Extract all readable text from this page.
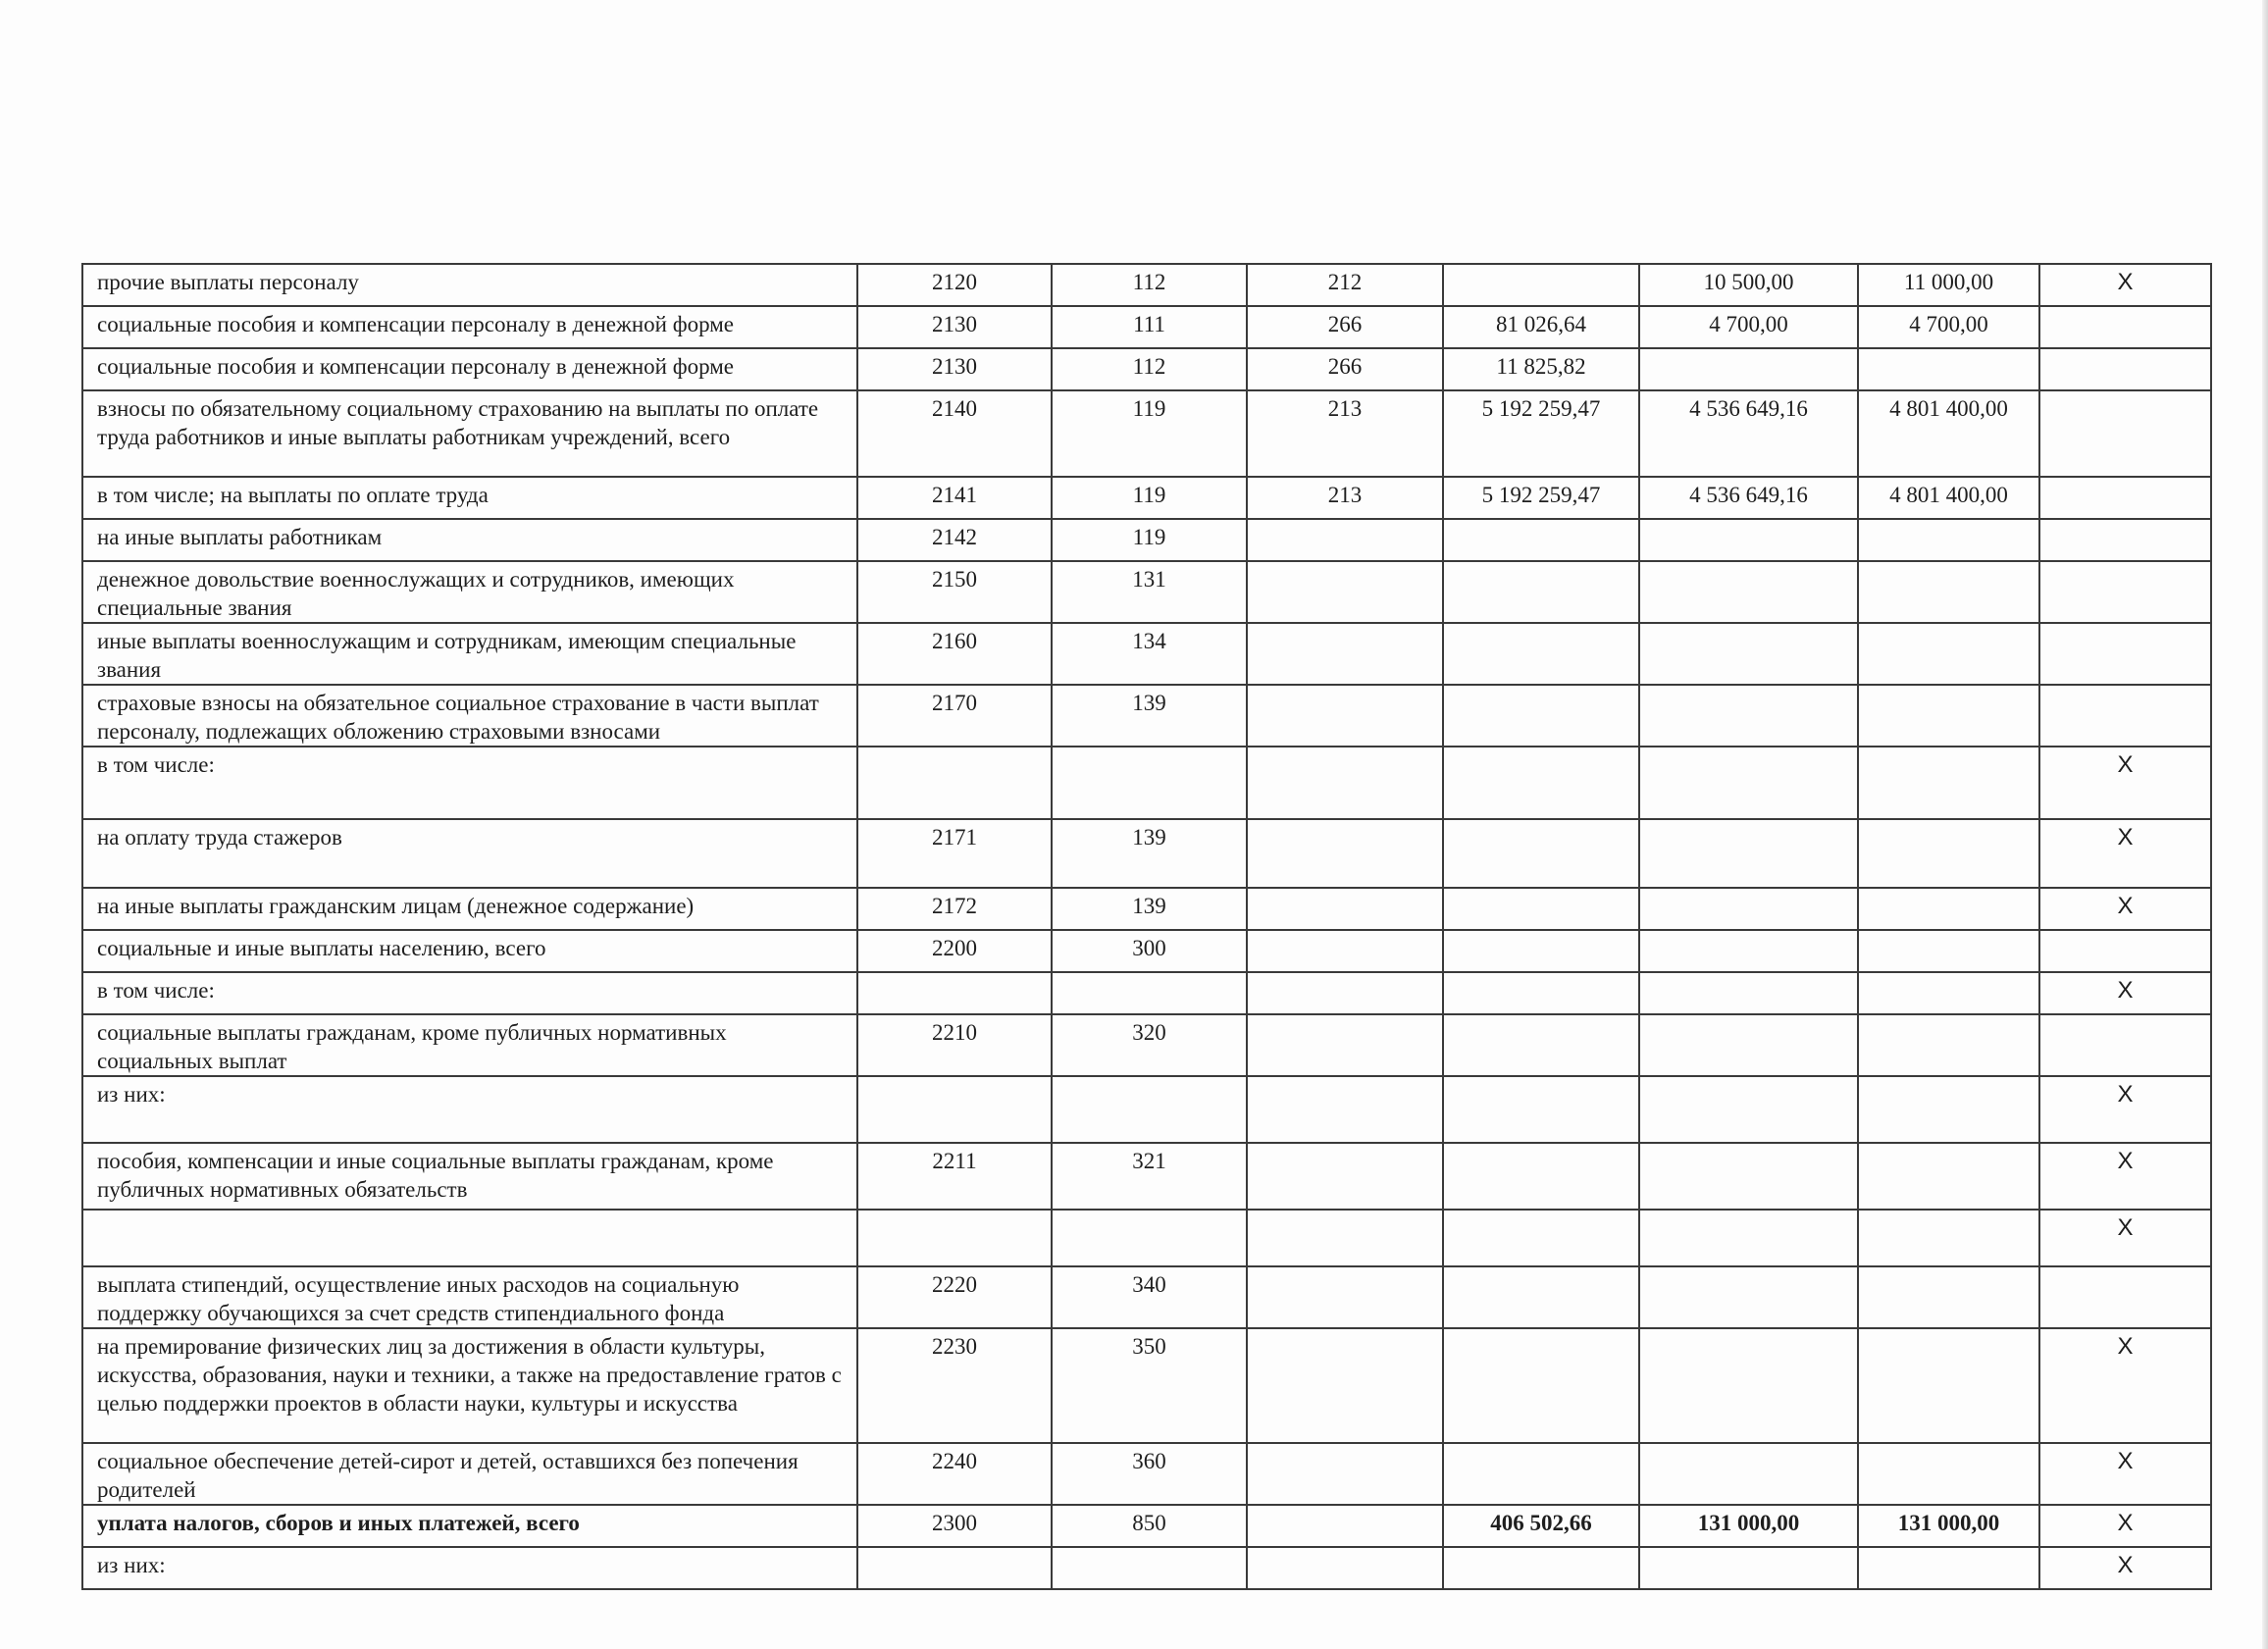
прочие выплаты персоналу	2120	112	212		10 500,00	11 000,00	X
социальные пособия и компенсации персоналу в денежной форме	2130	111	266	81 026,64	4 700,00	4 700,00	
социальные пособия и компенсации персоналу в денежной форме	2130	112	266	11 825,82			
взносы по обязательному социальному страхованию на выплаты по оплате труда работников и иные выплаты работникам учреждений, всего	2140	119	213	5 192 259,47	4 536 649,16	4 801 400,00	
в том числе; на выплаты по оплате труда	2141	119	213	5 192 259,47	4 536 649,16	4 801 400,00	
на иные выплаты работникам	2142	119					
денежное довольствие военнослужащих и сотрудников, имеющих специальные звания	2150	131					
иные выплаты военнослужащим и сотрудникам, имеющим специальные звания	2160	134					
страховые взносы на обязательное социальное страхование в части выплат персоналу, подлежащих обложению страховыми взносами	2170	139					
в том числе:							X
на оплату труда стажеров	2171	139					X
на иные выплаты гражданским лицам (денежное содержание)	2172	139					X
социальные и иные выплаты населению, всего	2200	300					
в том числе:							X
социальные выплаты гражданам, кроме публичных нормативных социальных выплат	2210	320					
из них:							X
пособия, компенсации и иные социальные выплаты гражданам, кроме публичных нормативных обязательств	2211	321					X
							X
выплата стипендий, осуществление иных расходов на социальную поддержку обучающихся за счет средств стипендиального фонда	2220	340					
на премирование физических лиц за достижения в области культуры, искусства, образования, науки и техники, а также на предоставление гратов с целью поддержки проектов в области науки, культуры и искусства	2230	350					X
социальное обеспечение детей-сирот и детей, оставшихся без попечения родителей	2240	360					X
уплата налогов, сборов и иных платежей, всего	2300	850		406 502,66	131 000,00	131 000,00	X
из них:							X
